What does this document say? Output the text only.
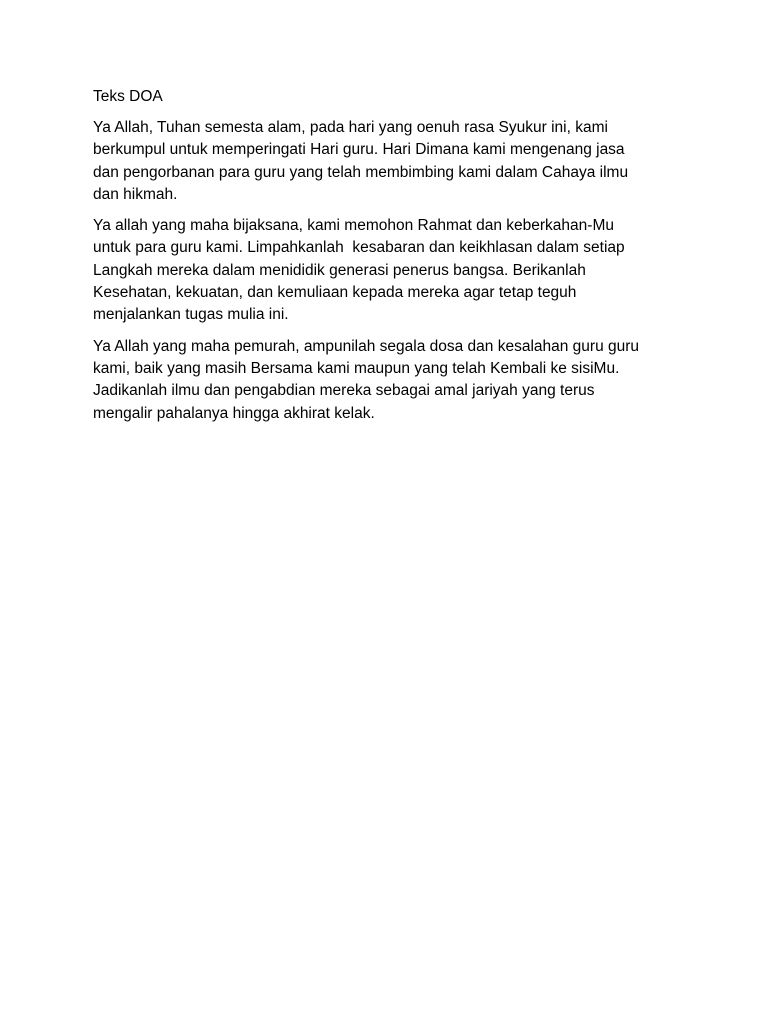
Teks DOA
Ya Allah, Tuhan semesta alam, pada hari yang oenuh rasa Syukur ini, kami
berkumpul untuk memperingati Hari guru. Hari Dimana kami mengenang jasa
dan pengorbanan para guru yang telah membimbing kami dalam Cahaya ilmu
dan hikmah.
Ya allah yang maha bijaksana, kami memohon Rahmat dan keberkahan-Mu
untuk para guru kami. Limpahkanlah  kesabaran dan keikhlasan dalam setiap
Langkah mereka dalam menididik generasi penerus bangsa. Berikanlah
Kesehatan, kekuatan, dan kemuliaan kepada mereka agar tetap teguh
menjalankan tugas mulia ini.
Ya Allah yang maha pemurah, ampunilah segala dosa dan kesalahan guru guru
kami, baik yang masih Bersama kami maupun yang telah Kembali ke sisiMu.
Jadikanlah ilmu dan pengabdian mereka sebagai amal jariyah yang terus
mengalir pahalanya hingga akhirat kelak.
